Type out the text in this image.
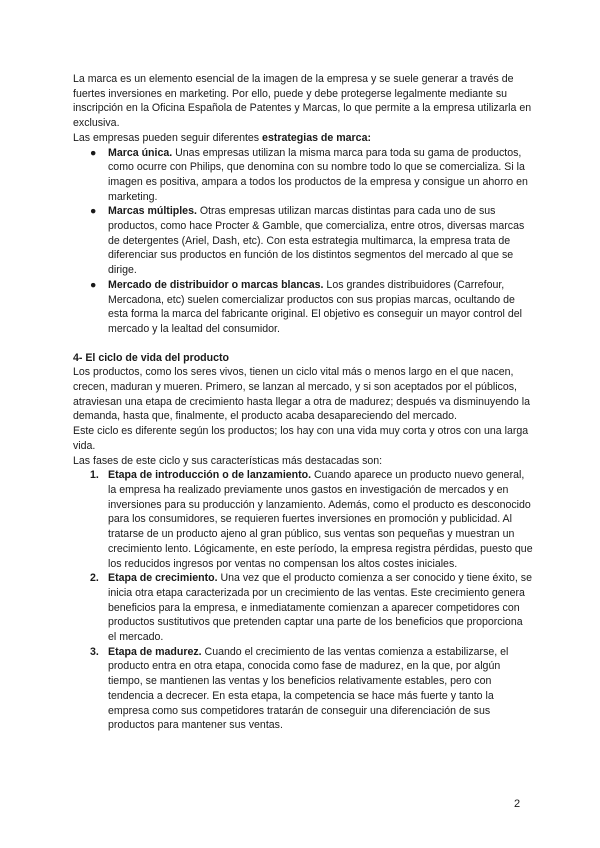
La marca es un elemento esencial de la imagen de la empresa y se suele generar a través de fuertes inversiones en marketing. Por ello, puede y debe protegerse legalmente mediante su inscripción en la Oficina Española de Patentes y Marcas, lo que permite a la empresa utilizarla en exclusiva.

Las empresas pueden seguir diferentes estrategias de marca:

● Marca única. Unas empresas utilizan la misma marca para toda su gama de productos, como ocurre con Philips, que denomina con su nombre todo lo que se comercializa. Si la imagen es positiva, ampara a todos los productos de la empresa y consigue un ahorro en marketing.
● Marcas múltiples. Otras empresas utilizan marcas distintas para cada uno de sus productos, como hace Procter & Gamble, que comercializa, entre otros, diversas marcas de detergentes (Ariel, Dash, etc). Con esta estrategia multimarca, la empresa trata de diferenciar sus productos en función de los distintos segmentos del mercado al que se dirige.
● Mercado de distribuidor o marcas blancas. Los grandes distribuidores (Carrefour, Mercadona, etc) suelen comercializar productos con sus propias marcas, ocultando de esta forma la marca del fabricante original. El objetivo es conseguir un mayor control del mercado y la lealtad del consumidor.

4- El ciclo de vida del producto

Los productos, como los seres vivos, tienen un ciclo vital más o menos largo en el que nacen, crecen, maduran y mueren. Primero, se lanzan al mercado, y si son aceptados por el públicos, atraviesan una etapa de crecimiento hasta llegar a otra de madurez; después va disminuyendo la demanda, hasta que, finalmente, el producto acaba desapareciendo del mercado.

Este ciclo es diferente según los productos; los hay con una vida muy corta y otros con una larga vida.

Las fases de este ciclo y sus características más destacadas son:

1. Etapa de introducción o de lanzamiento. Cuando aparece un producto nuevo general, la empresa ha realizado previamente unos gastos en investigación de mercados y en inversiones para su producción y lanzamiento. Además, como el producto es desconocido para los consumidores, se requieren fuertes inversiones en promoción y publicidad. Al tratarse de un producto ajeno al gran público, sus ventas son pequeñas y muestran un crecimiento lento. Lógicamente, en este período, la empresa registra pérdidas, puesto que los reducidos ingresos por ventas no compensan los altos costes iniciales.
2. Etapa de crecimiento. Una vez que el producto comienza a ser conocido y tiene éxito, se inicia otra etapa caracterizada por un crecimiento de las ventas. Este crecimiento genera beneficios para la empresa, e inmediatamente comienzan a aparecer competidores con productos sustitutivos que pretenden captar una parte de los beneficios que proporciona el mercado.
3. Etapa de madurez. Cuando el crecimiento de las ventas comienza a estabilizarse, el producto entra en otra etapa, conocida como fase de madurez, en la que, por algún tiempo, se mantienen las ventas y los beneficios relativamente estables, pero con tendencia a decrecer. En esta etapa, la competencia se hace más fuerte y tanto la empresa como sus competidores tratarán de conseguir una diferenciación de sus productos para mantener sus ventas.
2
